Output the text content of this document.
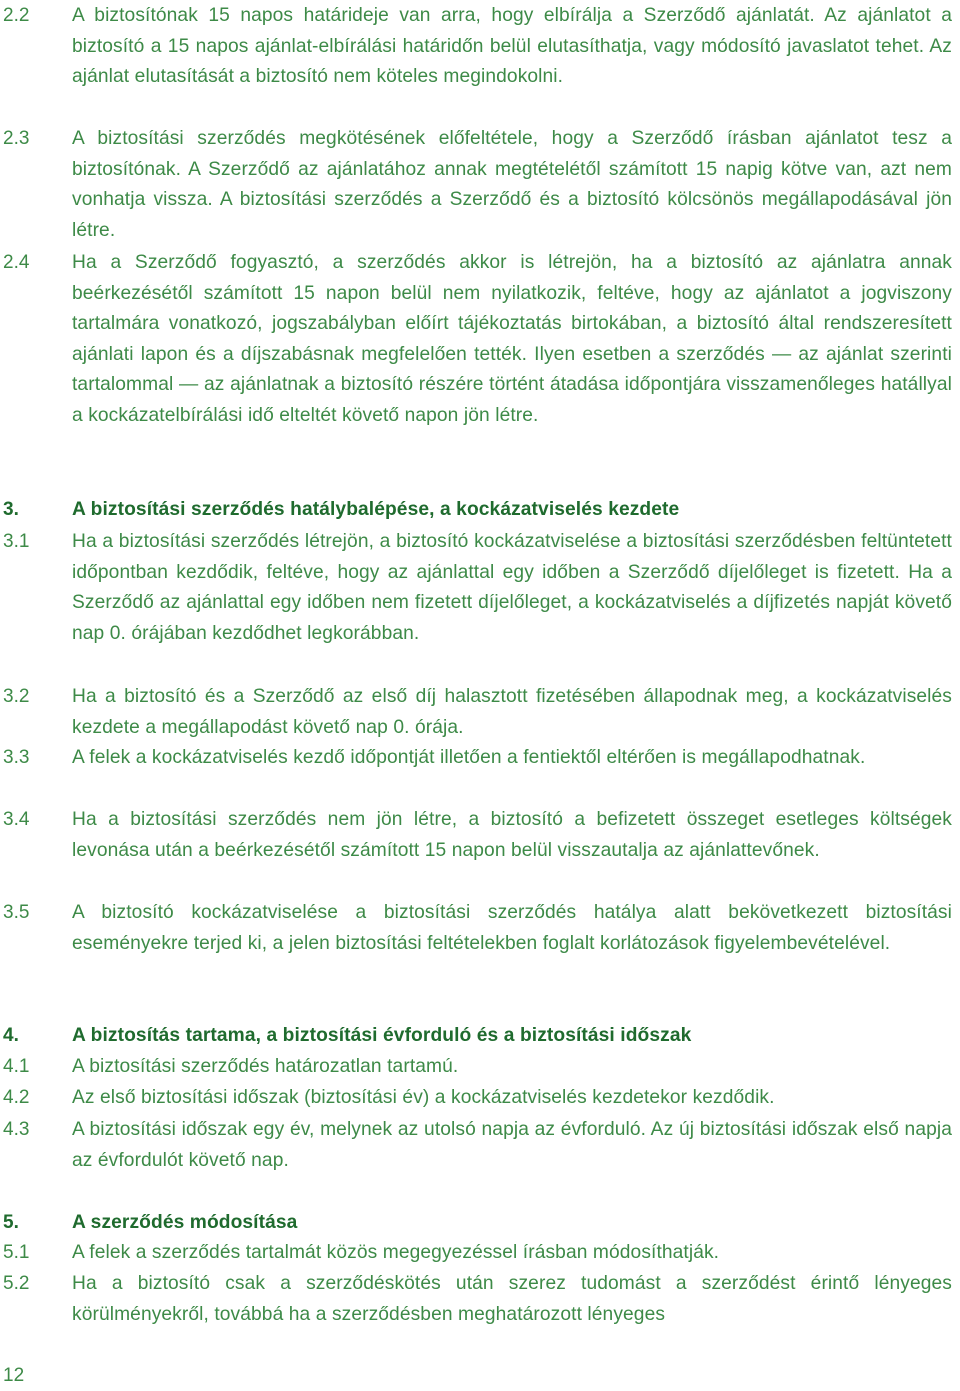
2.2 A biztosítónak 15 napos határideje van arra, hogy elbírálja a Szerződő ajánlatát. Az ajánlatot a biztosító a 15 napos ajánlat-elbírálási határidőn belül elutasíthatja, vagy módosító javaslatot tehet. Az ajánlat elutasítását a biztosító nem köteles megindokolni.
2.3 A biztosítási szerződés megkötésének előfeltétele, hogy a Szerződő írásban ajánlatot tesz a biztosítónak. A Szerződő az ajánlatához annak megtételétől számított 15 napig kötve van, azt nem vonhatja vissza. A biztosítási szerződés a Szerződő és a biztosító kölcsönös megállapodásával jön létre.
2.4 Ha a Szerződő fogyasztó, a szerződés akkor is létrejön, ha a biztosító az ajánlatra annak beérkezésétől számított 15 napon belül nem nyilatkozik, feltéve, hogy az ajánlatot a jogviszony tartalmára vonatkozó, jogszabályban előírt tájékoztatás birtokában, a biztosító által rendszeresített ajánlati lapon és a díjszabásnak megfelelően tették. Ilyen esetben a szerződés — az ajánlat szerinti tartalommal — az ajánlatnak a biztosító részére történt átadása időpontjára visszamenőleges hatállyal a kockázatelbírálási idő elteltét követő napon jön létre.
3.	A biztosítási szerződés hatálybalépése, a kockázatviselés kezdete
3.1 Ha a biztosítási szerződés létrejön, a biztosító kockázatviselése a biztosítási szerződésben feltüntetett időpontban kezdődik, feltéve, hogy az ajánlattal egy időben a Szerződő díjelőleget is fizetett. Ha a Szerződő az ajánlattal egy időben nem fizetett díjelőleget, a kockázatviselés a díjfizetés napját követő nap 0. órájában kezdődhet legkorábban.
3.2 Ha a biztosító és a Szerződő az első díj halasztott fizetésében állapodnak meg, a kockázatviselés kezdete a megállapodást követő nap 0. órája.
3.3 A felek a kockázatviselés kezdő időpontját illetően a fentiektől eltérően is megállapodhatnak.
3.4 Ha a biztosítási szerződés nem jön létre, a biztosító a befizetett összeget esetleges költségek levonása után a beérkezésétől számított 15 napon belül visszautalja az ajánlattevőnek.
3.5 A biztosító kockázatviselése a biztosítási szerződés hatálya alatt bekövetkezett biztosítási eseményekre terjed ki, a jelen biztosítási feltételekben foglalt korlátozások figyelembevételével.
4.	A biztosítás tartama, a biztosítási évforduló és a biztosítási időszak
4.1 A biztosítási szerződés határozatlan tartamú.
4.2 Az első biztosítási időszak (biztosítási év) a kockázatviselés kezdetekor kezdődik.
4.3 A biztosítási időszak egy év, melynek az utolsó napja az évforduló. Az új biztosítási időszak első napja az évfordulót követő nap.
5.	A szerződés módosítása
5.1 A felek a szerződés tartalmát közös megegyezéssel írásban módosíthatják.
5.2 Ha a biztosító csak a szerződéskötés után szerez tudomást a szerződést érintő lényeges körülményekről, továbbá ha a szerződésben meghatározott lényeges
12
